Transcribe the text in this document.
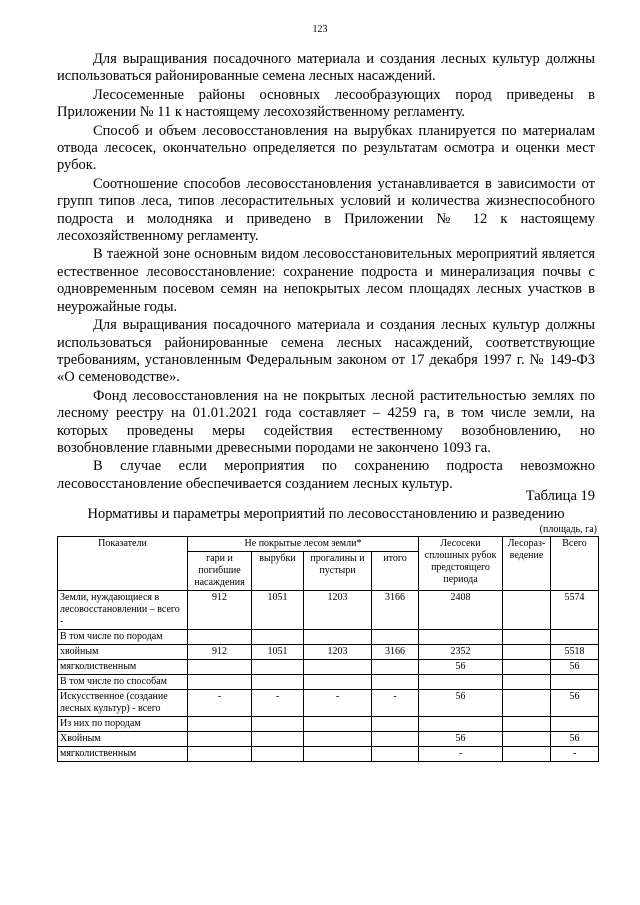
123

Для выращивания посадочного материала и создания лесных культур должны использоваться районированные семена лесных насаждений.

Лесосеменные районы основных лесообразующих пород приведены в Приложении № 11 к настоящему лесохозяйственному регламенту.

Способ и объем лесовосстановления на вырубках планируется по материалам отвода лесосек, окончательно определяется по результатам осмотра и оценки мест рубок.

Соотношение способов лесовосстановления устанавливается в зависимости от групп типов леса, типов лесорастительных условий и количества жизнеспособного подроста и молодняка и приведено в Приложении № 12 к настоящему лесохозяйственному регламенту.

В таежной зоне основным видом лесовосстановительных мероприятий является естественное лесовосстановление: сохранение подроста и минерализация почвы с одновременным посевом семян на непокрытых лесом площадях лесных участков в неурожайные годы.

Для выращивания посадочного материала и создания лесных культур должны использоваться районированные семена лесных насаждений, соответствующие требованиям, установленным Федеральным законом от 17 декабря 1997 г. № 149-ФЗ «О семеноводстве».

Фонд лесовосстановления на не покрытых лесной растительностью землях по лесному реестру на 01.01.2021 года составляет – 4259 га, в том числе земли, на которых проведены меры содействия естественному возобновлению, но возобновление главными древесными породами не закончено 1093 га.

В случае если мероприятия по сохранению подроста невозможно лесовосстановление обеспечивается созданием лесных культур.

Таблица 19
Нормативы и параметры мероприятий по лесовосстановлению и разведению
(площадь, га)
Показатели	Не покрытые лесом земли*				Лесосеки сплошных рубок предстоящего периода	Лесораз-ведение	Всего
	гари и погибшие насаждения	вырубки	прогалины и пустыри	итого			
Земли, нуждающиеся в лесовосстановлении – всего -	912	1051	1203	3166	2408		5574
В том числе по породам							
хвойным	912	1051	1203	3166	2352		5518
мягколиственным					56		56
В том числе по способам							
Искусственное (создание лесных культур) - всего	-	-	-	-	56		56
Из них по породам							
Хвойным					56		56
мягколиственным					-		-
